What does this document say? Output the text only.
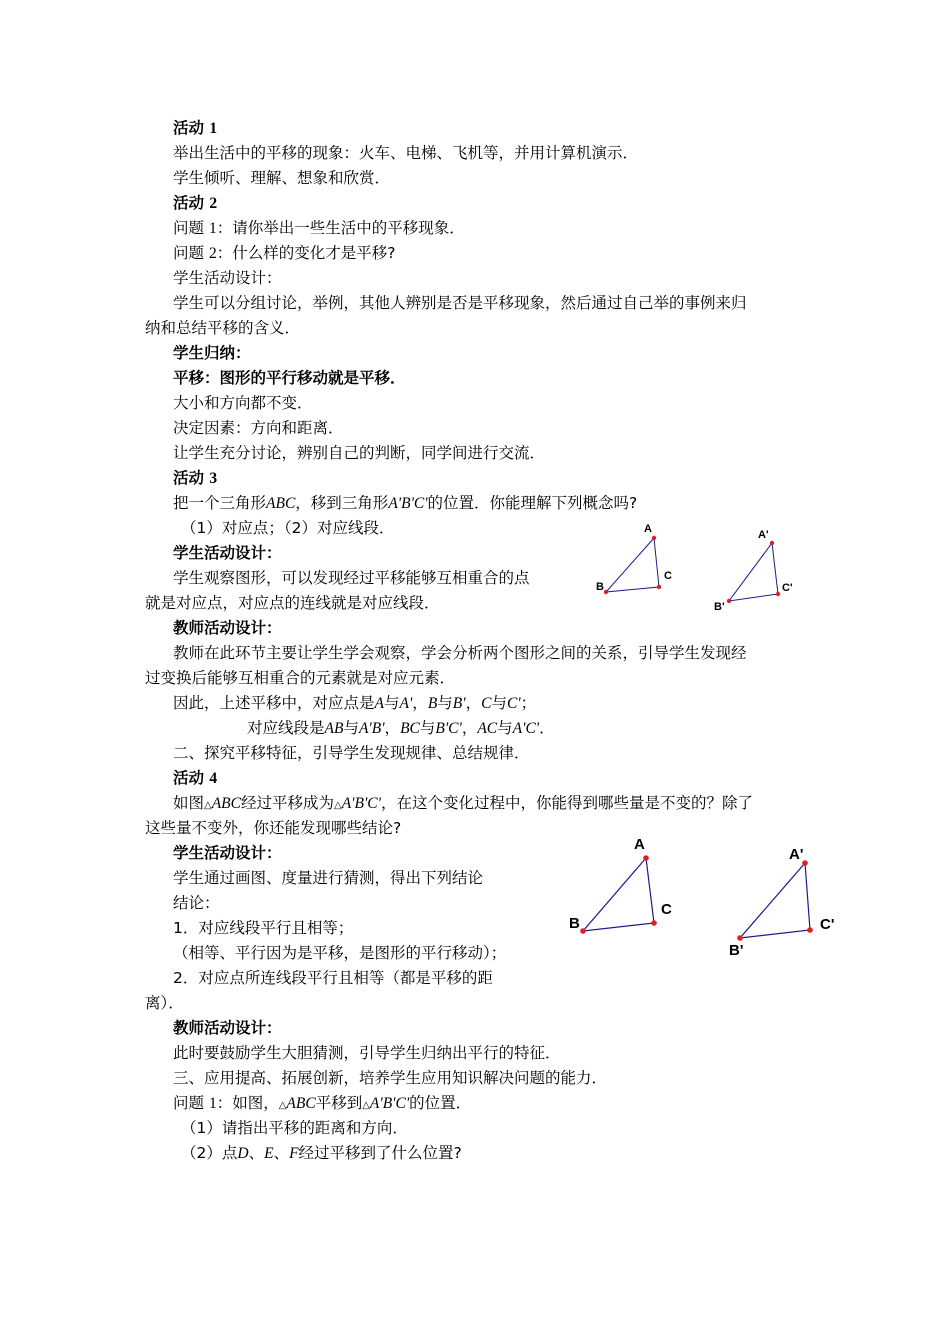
活动 1
举出生活中的平移的现象：火车、电梯、飞机等，并用计算机演示．
学生倾听、理解、想象和欣赏．
活动 2
问题 1：请你举出一些生活中的平移现象．
问题 2：什么样的变化才是平移?
学生活动设计：
学生可以分组讨论，举例，其他人辨别是否是平移现象，然后通过自己举的事例来归
纳和总结平移的含义．
学生归纳：
平移：图形的平行移动就是平移．
大小和方向都不变．
决定因素：方向和距离．
让学生充分讨论，辨别自己的判断，同学间进行交流．
活动 3
把一个三角形ABC，移到三角形A'B'C'的位置．你能理解下列概念吗?
（1）对应点；（2）对应线段．
学生活动设计：
学生观察图形，可以发现经过平移能够互相重合的点
就是对应点，对应点的连线就是对应线段．
教师活动设计：
教师在此环节主要让学生学会观察，学会分析两个图形之间的关系，引导学生发现经
过变换后能够互相重合的元素就是对应元素．
因此，上述平移中，对应点是A与A'，B与B'，C与C'；
对应线段是AB与A'B'，BC与B'C'，AC与A'C'．
二、探究平移特征，引导学生发现规律、总结规律．
活动 4
如图△ABC经过平移成为△A'B'C'，在这个变化过程中，你能得到哪些量是不变的？除了
这些量不变外，你还能发现哪些结论?
学生活动设计：
学生通过画图、度量进行猜测，得出下列结论
结论：
1．对应线段平行且相等；
（相等、平行因为是平移，是图形的平行移动）；
2．对应点所连线段平行且相等（都是平移的距
离）．
教师活动设计：
此时要鼓励学生大胆猜测，引导学生归纳出平行的特征．
三、应用提高、拓展创新，培养学生应用知识解决问题的能力．
问题 1：如图，△ABC平移到△A'B'C'的位置．
（1）请指出平移的距离和方向．
（2）点D、E、F经过平移到了什么位置?
A
B
C
A'
B'
C'
A
B
C
A'
B'
C'
